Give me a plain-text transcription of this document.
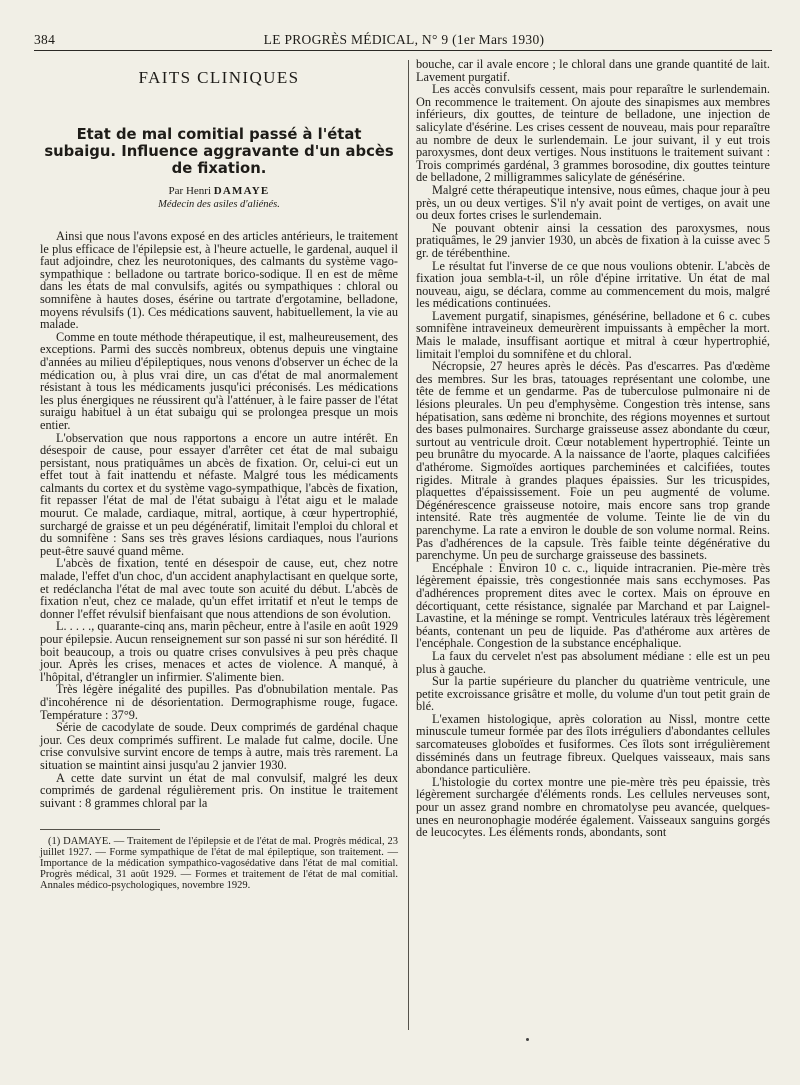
384	LE PROGRÈS MÉDICAL, N° 9 (1er Mars 1930)
FAITS CLINIQUES
Etat de mal comitial passé à l'état subaigu. Influence aggravante d'un abcès de fixation.
Par Henri DAMAYE
Médecin des asiles d'aliénés.

Ainsi que nous l'avons exposé en des articles antérieurs, le traitement le plus efficace de l'épilepsie est, à l'heure actuelle, le gardenal, auquel il faut adjoindre, chez les neurotoniques, des calmants du système vago-sympathique : belladone ou tartrate borico-sodique. Il en est de même dans les états de mal convulsifs, agités ou sympathiques : chloral ou somnifène à hautes doses, ésérine ou tartrate d'ergotamine, belladone, moyens révulsifs (1). Ces médications sauvent, habituellement, la vie au malade.

Comme en toute méthode thérapeutique, il est, malheureusement, des exceptions. Parmi des succès nombreux, obtenus depuis une vingtaine d'années au milieu d'épileptiques, nous venons d'observer un échec de la médication ou, à plus vrai dire, un cas d'état de mal anormalement résistant à tous les médicaments jusqu'ici préconisés. Les médications les plus énergiques ne réussirent qu'à l'atténuer, à le faire passer de l'état suraigu habituel à un état subaigu qui se prolongea presque un mois entier.

L'observation que nous rapportons a encore un autre intérêt. En désespoir de cause, pour essayer d'arrêter cet état de mal subaigu persistant, nous pratiquâmes un abcès de fixation. Or, celui-ci eut un effet tout à fait inattendu et néfaste. Malgré tous les médicaments calmants du cortex et du système vago-sympathique, l'abcès de fixation, fit repasser l'état de mal de l'état subaigu à l'état aigu et le malade mourut. Ce malade, cardiaque, mitral, aortique, à cœur hypertrophié, surchargé de graisse et un peu dégénératif, limitait l'emploi du chloral et du somnifène : Sans ses très graves lésions cardiaques, nous l'aurions peut-être sauvé quand même.

L'abcès de fixation, tenté en désespoir de cause, eut, chez notre malade, l'effet d'un choc, d'un accident anaphylactisant en quelque sorte, et redéclancha l'état de mal avec toute son acuité du début. L'abcès de fixation n'eut, chez ce malade, qu'un effet irritatif et n'eut le temps de donner l'effet révulsif bienfaisant que nous attendions de son évolution.

L. . . . ., quarante-cinq ans, marin pêcheur, entre à l'asile en août 1929 pour épilepsie. Aucun renseignement sur son passé ni sur son hérédité. Il boit beaucoup, a trois ou quatre crises convulsives à peu près chaque jour. Après les crises, menaces et actes de violence. A manqué, à l'hôpital, d'étrangler un infirmier. S'alimente bien.

Très légère inégalité des pupilles. Pas d'obnubilation mentale. Pas d'incohérence ni de désorientation. Dermographisme rouge, fugace. Température : 37°9.

Série de cacodylate de soude. Deux comprimés de gardénal chaque jour. Ces deux comprimés suffirent. Le malade fut calme, docile. Une crise convulsive survint encore de temps à autre, mais très rarement. La situation se maintint ainsi jusqu'au 2 janvier 1930.

A cette date survint un état de mal convulsif, malgré les deux comprimés de gardenal régulièrement pris. On institue le traitement suivant : 8 grammes chloral par la

(1) DAMAYE. — Traitement de l'épilepsie et de l'état de mal. Progrès médical, 23 juillet 1927. — Forme sympathique de l'état de mal épileptique, son traitement. — Importance de la médication sympathico-vagosédative dans l'état de mal comitial. Progrès médical, 31 août 1929. — Formes et traitement de l'état de mal comitial. Annales médico-psychologiques, novembre 1929.

bouche, car il avale encore ; le chloral dans une grande quantité de lait. Lavement purgatif.

Les accès convulsifs cessent, mais pour reparaître le surlendemain. On recommence le traitement. On ajoute des sinapismes aux membres inférieurs, dix gouttes, de teinture de belladone, une injection de salicylate d'ésérine. Les crises cessent de nouveau, mais pour reparaître au nombre de deux le surlendemain. Le jour suivant, il y eut trois paroxysmes, dont deux vertiges. Nous instituons le traitement suivant : Trois comprimés gardénal, 3 grammes borosodine, dix gouttes teinture de belladone, 2 milligrammes salicylate de génésérine.

Malgré cette thérapeutique intensive, nous eûmes, chaque jour à peu près, un ou deux vertiges. S'il n'y avait point de vertiges, on avait une ou deux fortes crises le surlendemain.

Ne pouvant obtenir ainsi la cessation des paroxysmes, nous pratiquâmes, le 29 janvier 1930, un abcès de fixation à la cuisse avec 5 gr. de térébenthine.

Le résultat fut l'inverse de ce que nous voulions obtenir. L'abcès de fixation joua sembla-t-il, un rôle d'épine irritative. Un état de mal nouveau, aigu, se déclara, comme au commencement du mois, malgré les médications continuées.

Lavement purgatif, sinapismes, génésérine, belladone et 6 c. cubes somnifène intraveineux demeurèrent impuissants à empêcher la mort. Mais le malade, insuffisant aortique et mitral à cœur hypertrophié, limitait l'emploi du somnifène et du chloral.

Nécropsie, 27 heures après le décès. Pas d'escarres. Pas d'œdème des membres. Sur les bras, tatouages représentant une colombe, une tête de femme et un gendarme. Pas de tuberculose pulmonaire ni de lésions pleurales. Un peu d'emphysème. Congestion très intense, sans hépatisation, sans œdème ni bronchite, des régions moyennes et surtout des bases pulmonaires. Surcharge graisseuse assez abondante du cœur, surtout au ventricule droit. Cœur notablement hypertrophié. Teinte un peu brunâtre du myocarde. A la naissance de l'aorte, plaques calcifiées d'athérome. Sigmoïdes aortiques parcheminées et calcifiées, toutes rigides. Mitrale à grandes plaques épaissies. Sur les tricuspides, plaquettes d'épaississement. Foie un peu augmenté de volume. Dégénérescence graisseuse notoire, mais encore sans trop grande intensité. Rate très augmentée de volume. Teinte lie de vin du parenchyme. La rate a environ le double de son volume normal. Reins. Pas d'adhérences de la capsule. Très faible teinte dégénérative du parenchyme. Un peu de surcharge graisseuse des bassinets.

Encéphale : Environ 10 c. c., liquide intracranien. Pie-mère très légèrement épaissie, très congestionnée mais sans ecchymoses. Pas d'adhérences proprement dites avec le cortex. Mais on éprouve en décortiquant, cette résistance, signalée par Marchand et par Laignel-Lavastine, et la méninge se rompt. Ventricules latéraux très légèrement béants, contenant un peu de liquide. Pas d'athérome aux artères de l'encéphale. Congestion de la substance encéphalique.

La faux du cervelet n'est pas absolument médiane : elle est un peu plus à gauche.

Sur la partie supérieure du plancher du quatrième ventricule, une petite excroissance grisâtre et molle, du volume d'un tout petit grain de blé.

L'examen histologique, après coloration au Nissl, montre cette minuscule tumeur formée par des îlots irréguliers d'abondantes cellules sarcomateuses globoïdes et fusiformes. Ces îlots sont irrégulièrement disséminés dans un feutrage fibreux. Quelques vaisseaux, mais sans abondance particulière.

L'histologie du cortex montre une pie-mère très peu épaissie, très légèrement surchargée d'éléments ronds. Les cellules nerveuses sont, pour un assez grand nombre en chromatolyse peu avancée, quelques-unes en neuronophagie modérée également. Vaisseaux sanguins gorgés de leucocytes. Les éléments ronds, abondants, sont
